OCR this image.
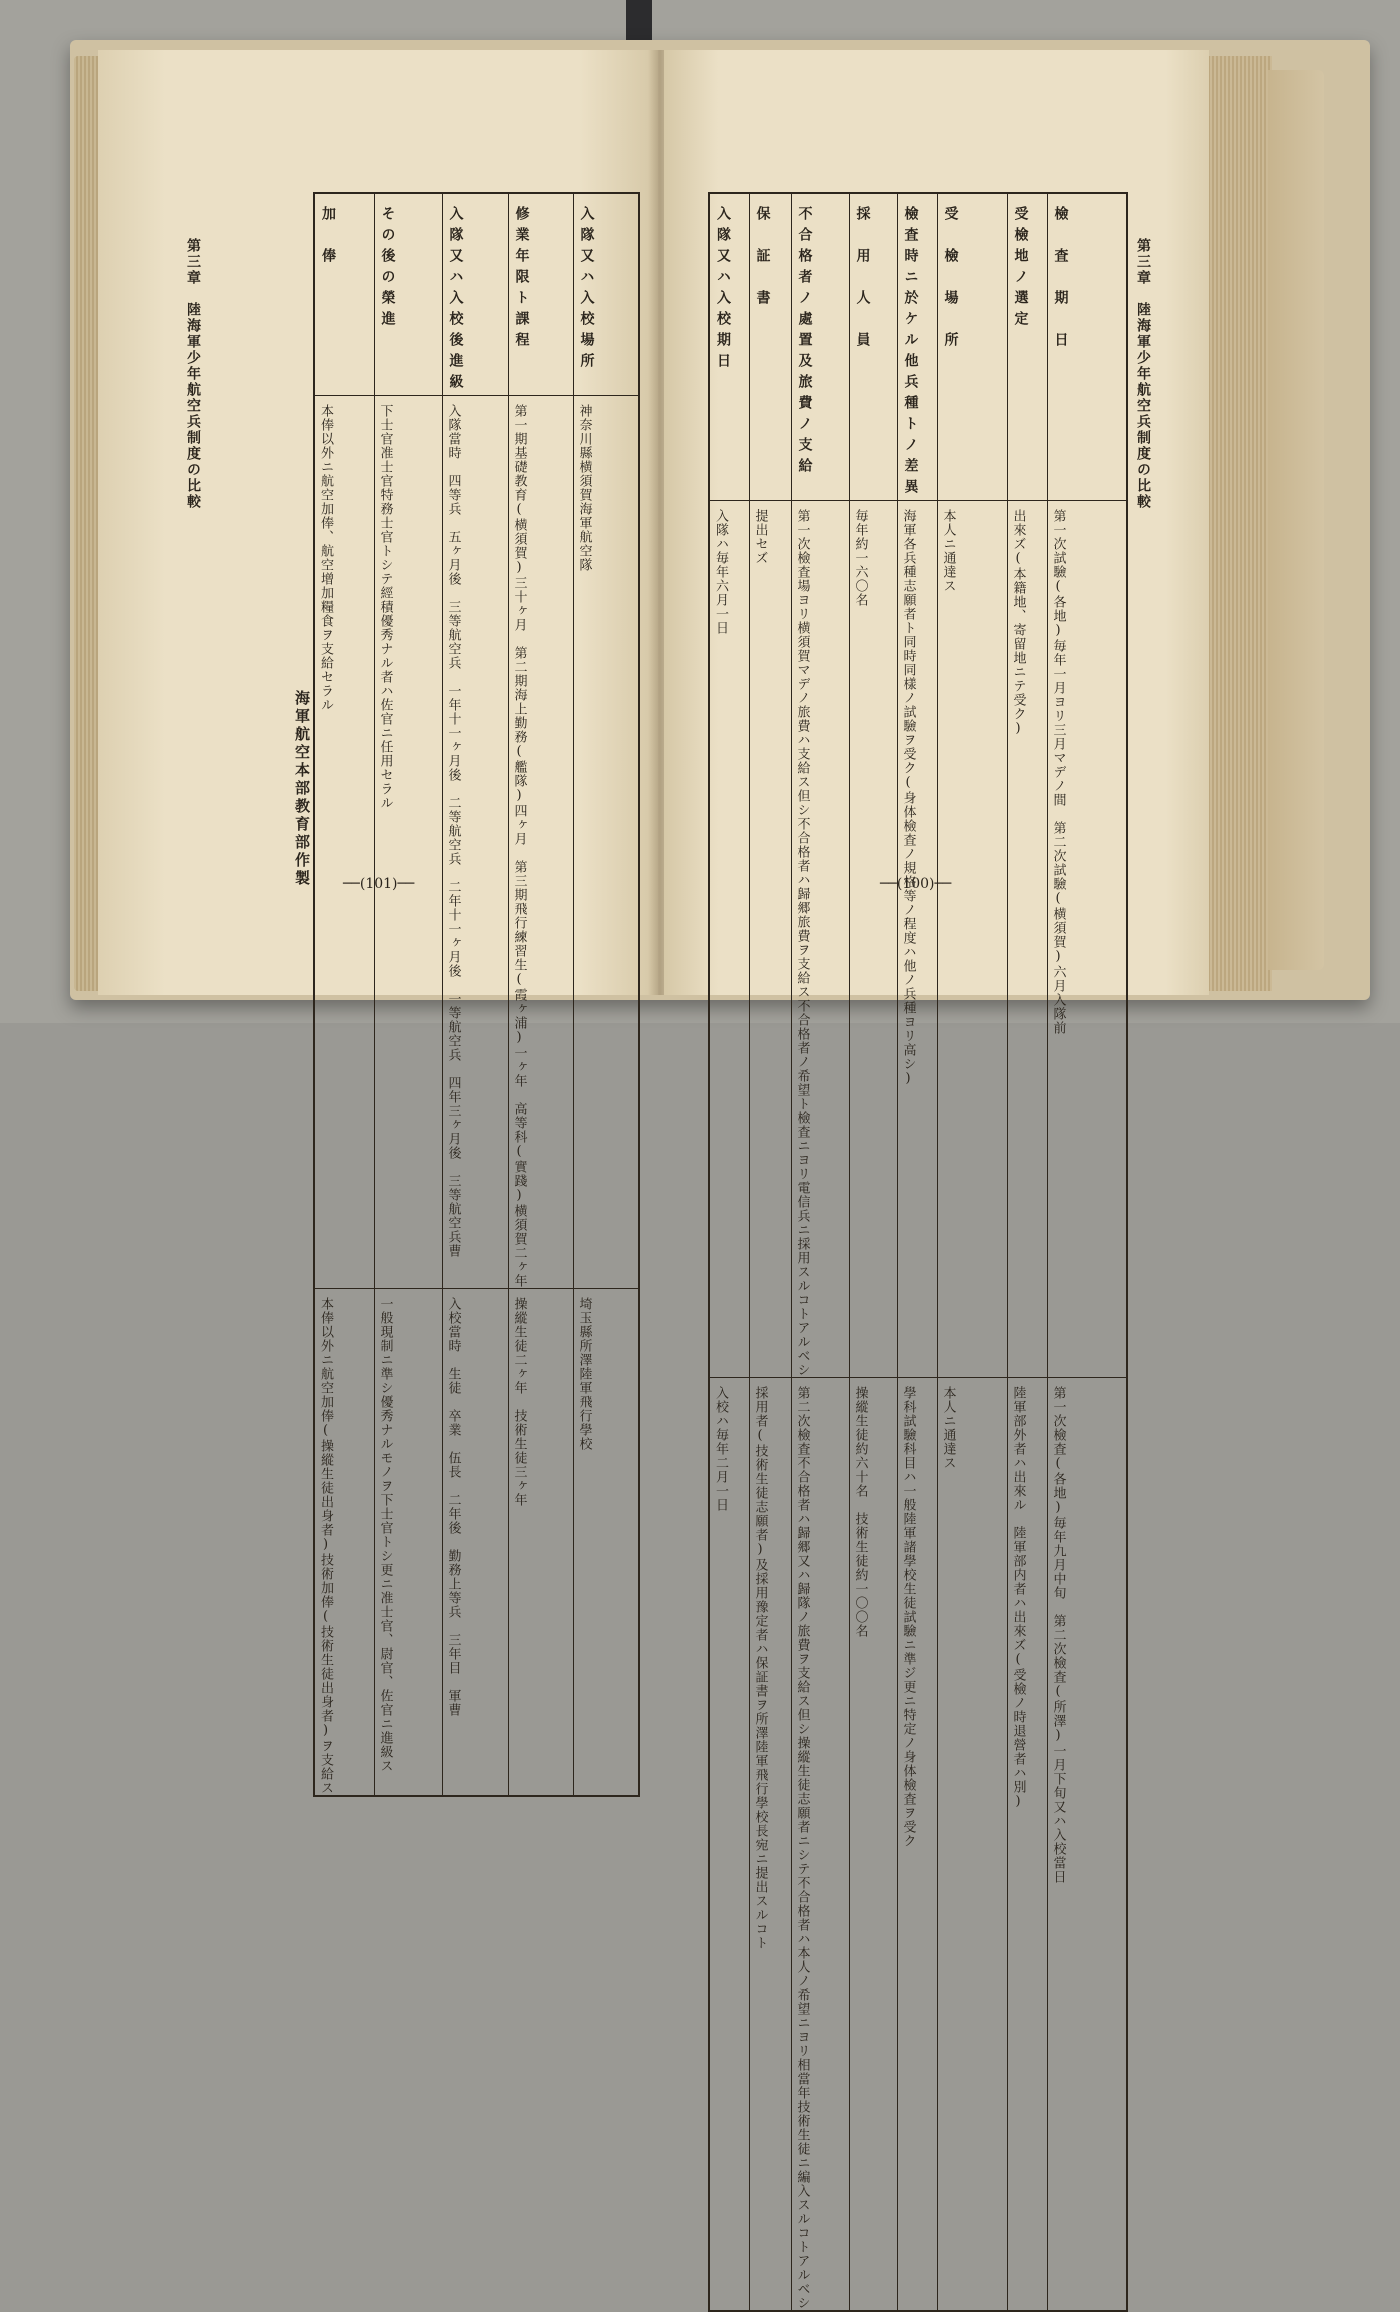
第三章　陸海軍少年航空兵制度の比較
加　俸	その後の榮進	入隊又ハ入校後進級	修業年限ト課程	入隊又ハ入校場所

本俸以外ニ航空加俸、航空增加糧食ヲ支給セラル	下士官准士官特務士官トシテ經積優秀ナル者ハ佐官ニ任用セラル	入隊當時　四等兵　五ヶ月後　三等航空兵　一年十一ヶ月後　二等航空兵　二年十一ヶ月後　一等航空兵　四年三ヶ月後　三等航空兵曹	第一期基礎教育(横須賀)三十ヶ月　第二期海上勤務(艦隊)四ヶ月　第三期飛行練習生(霞ヶ浦)一ヶ年　高等科(實踐)横須賀二ヶ年	神奈川縣横須賀海軍航空隊

本俸以外ニ航空加俸(操縱生徒出身者)技術加俸(技術生徒出身者)ヲ支給ス	一般現制ニ準シ優秀ナルモノヲ下士官トシ更ニ准士官、尉官、佐官ニ進級ス	入校當時　生徒　卒業　伍長　二年後　勤務上等兵　三年目　軍曹	操縱生徒二ヶ年　技術生徒三ヶ年	埼玉縣所澤陸軍飛行學校
海軍航空本部教育部作製 ──(101)──
入隊又ハ入校期日	保　証　書	不合格者ノ處置及旅費ノ支給	採　用　人　員	檢査時ニ於ケル他兵種トノ差異	受　檢　場　所	受檢地ノ選定	檢　査　期　日

入隊ハ毎年六月一日	提出セズ	第一次檢査場ヨリ横須賀マデノ旅費ハ支給ス但シ不合格者ハ歸郷旅費ヲ支給ス不合格者ノ希望ト檢査ニヨリ電信兵ニ採用スルコトアルベシ	毎年約一六〇名	海軍各兵種志願者ト同時同樣ノ試驗ヲ受ク(身体檢査ノ規格等ノ程度ハ他ノ兵種ヨリ高シ)	本人ニ通達ス	出來ズ(本籍地、寄留地ニテ受ク)	第一次試驗(各地)毎年一月ヨリ三月マデノ間　第二次試驗(横須賀)六月入隊前

入校ハ毎年二月一日	採用者(技術生徒志願者)及採用豫定者ハ保証書ヲ所澤陸軍飛行學校長宛ニ提出スルコト	第二次檢査不合格者ハ歸郷又ハ歸隊ノ旅費ヲ支給ス但シ操縱生徒志願者ニシテ不合格者ハ本人ノ希望ニヨリ相當年技術生徒ニ編入スルコトアルベシ	操縱生徒約六十名　技術生徒約一〇〇名	學科試驗科目ハ一般陸軍諸學校生徒試驗ニ準ジ更ニ特定ノ身体檢査ヲ受ク	本人ニ通達ス	陸軍部外者ハ出來ル　陸軍部内者ハ出來ズ(受檢ノ時退營者ハ別)	第一次檢査(各地)毎年九月中旬　第二次檢査(所澤)一月下旬又ハ入校當日
第三章　陸海軍少年航空兵制度の比較
──(100)──
